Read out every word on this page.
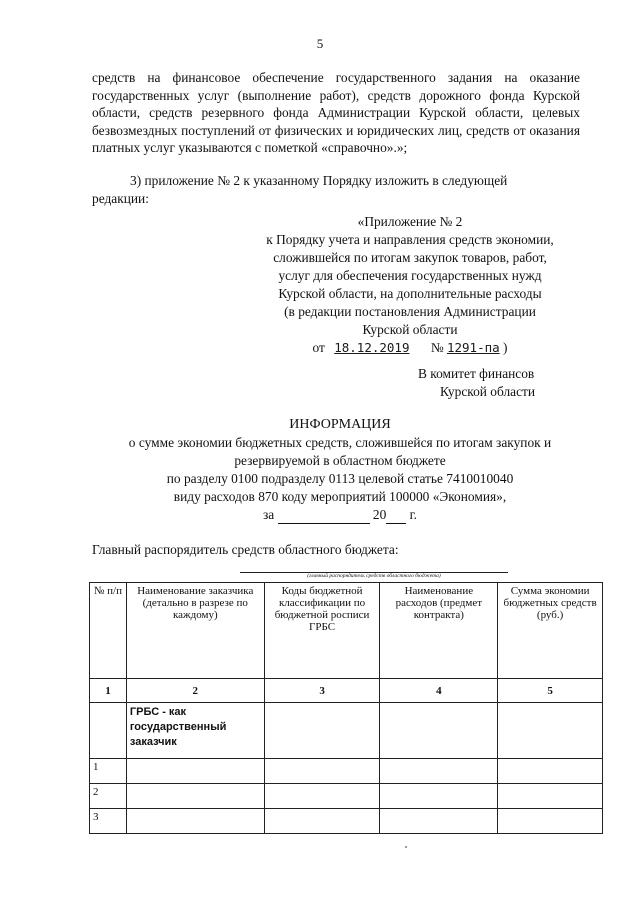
5
средств на финансовое обеспечение государственного задания на оказание государственных услуг (выполнение работ), средств дорожного фонда Курской области, средств резервного фонда Администрации Курской области, целевых безвозмездных поступлений от физических и юридических лиц, средств от оказания платных услуг указываются с пометкой «справочно».»;
3) приложение № 2 к указанному Порядку изложить в следующей
редакции:
«Приложение № 2
к Порядку учета и направления средств экономии,
сложившейся по итогам закупок товаров, работ,
услуг для обеспечения государственных нужд
Курской области, на дополнительные расходы
(в редакции постановления Администрации
Курской области
от 18.12.2019 № 1291-па )
В комитет финансов
Курской области
ИНФОРМАЦИЯ
о сумме экономии бюджетных средств, сложившейся по итогам закупок и
резервируемой в областном бюджете
по разделу 0100 подразделу 0113 целевой статье 7410010040
виду расходов 870 коду мероприятий 100000 «Экономия»,
за	20 г.
Главный распорядитель средств областного бюджета:
(главный распорядитель средств областного бюджета)
№ п/п	Наименование заказчика (детально в разрезе по каждому)	Коды бюджетной классификации по бюджетной росписи ГРБС	Наименование расходов (предмет контракта)	Сумма экономии бюджетных средств (руб.)
1	2	3	4	5
	ГРБС - как государственный заказчик			
1				
2				
3				
